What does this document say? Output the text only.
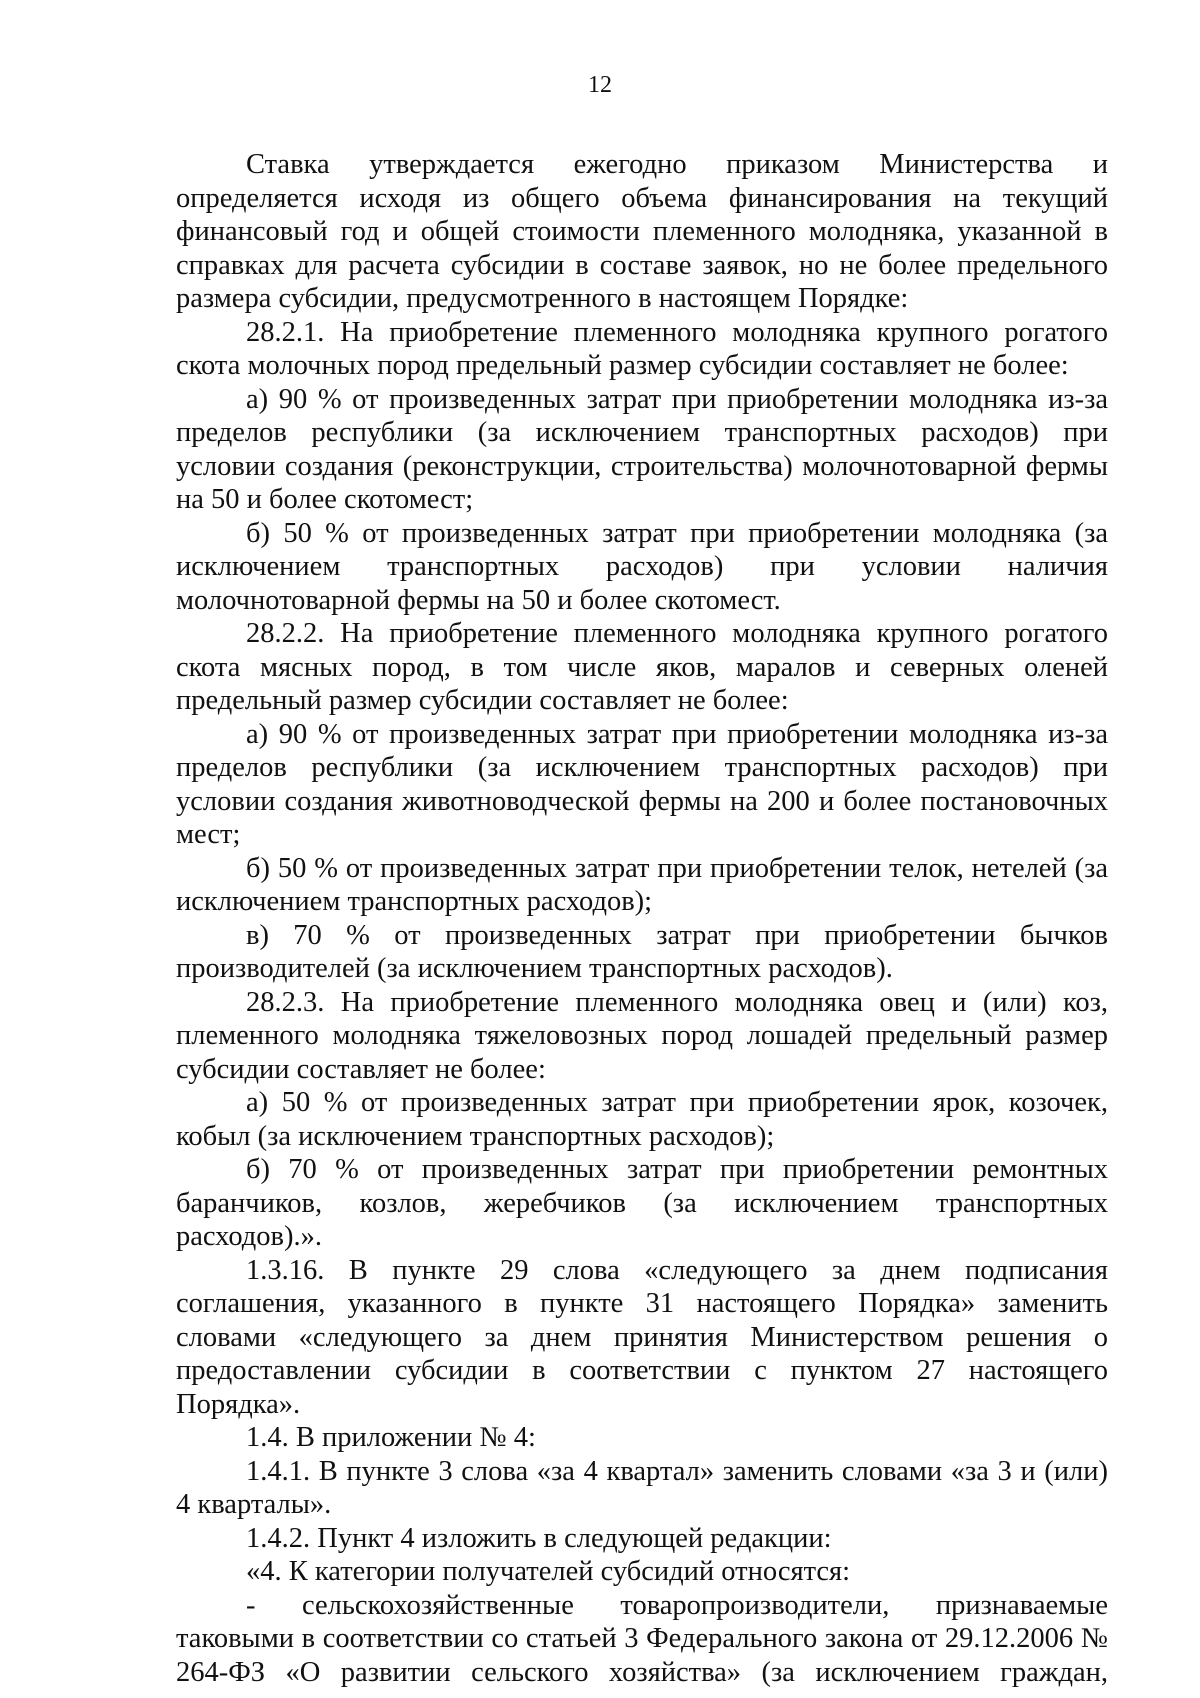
12

Ставка утверждается ежегодно приказом Министерства и определяется исходя из общего объема финансирования на текущий финансовый год и общей стоимости племенного молодняка, указанной в справках для расчета субсидии в составе заявок, но не более предельного размера субсидии, предусмотренного в настоящем Порядке:

28.2.1. На приобретение племенного молодняка крупного рогатого скота молочных пород предельный размер субсидии составляет не более:

а) 90 % от произведенных затрат при приобретении молодняка из-за пределов республики (за исключением транспортных расходов) при условии создания (реконструкции, строительства) молочнотоварной фермы на 50 и более скотомест;

б) 50 % от произведенных затрат при приобретении молодняка (за исключением транспортных расходов) при условии наличия молочнотоварной фермы на 50 и более скотомест.

28.2.2. На приобретение племенного молодняка крупного рогатого скота мясных пород, в том числе яков, маралов и северных оленей предельный размер субсидии составляет не более:

а) 90 % от произведенных затрат при приобретении молодняка из-за пределов республики (за исключением транспортных расходов) при условии создания животноводческой фермы на 200 и более постановочных мест;

б) 50 % от произведенных затрат при приобретении телок, нетелей (за исключением транспортных расходов);

в) 70 % от произведенных затрат при приобретении бычков производителей (за исключением транспортных расходов).

28.2.3. На приобретение племенного молодняка овец и (или) коз, племенного молодняка тяжеловозных пород лошадей предельный размер субсидии составляет не более:

а) 50 % от произведенных затрат при приобретении ярок, козочек, кобыл (за исключением транспортных расходов);

б) 70 % от произведенных затрат при приобретении ремонтных баранчиков, козлов, жеребчиков (за исключением транспортных расходов).».

1.3.16. В пункте 29 слова «следующего за днем подписания соглашения, указанного в пункте 31 настоящего Порядка» заменить словами «следующего за днем принятия Министерством решения о предоставлении субсидии в соответствии с пунктом 27 настоящего Порядка».

1.4. В приложении № 4:

1.4.1. В пункте 3 слова «за 4 квартал» заменить словами «за 3 и (или) 4 кварталы».

1.4.2. Пункт 4 изложить в следующей редакции:

«4. К категории получателей субсидий относятся:

- сельскохозяйственные товаропроизводители, признаваемые таковыми в соответствии со статьей 3 Федерального закона от 29.12.2006 № 264-ФЗ «О развитии сельского хозяйства» (за исключением граждан,
